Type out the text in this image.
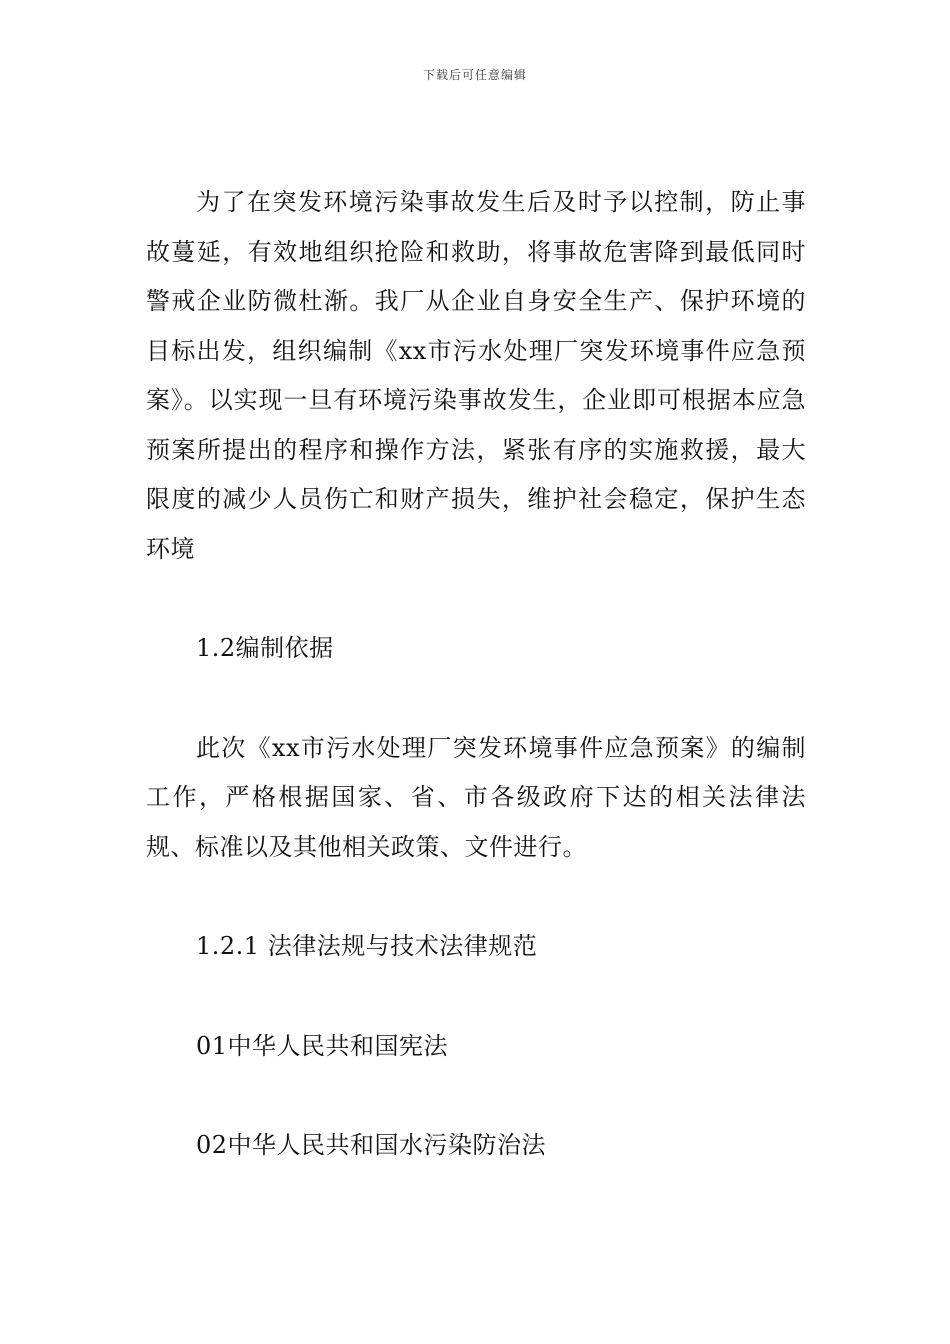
下载后可任意编辑

为了在突发环境污染事故发生后及时予以控制，防止事故蔓延，有效地组织抢险和救助，将事故危害降到最低同时警戒企业防微杜渐。我厂从企业自身安全生产、保护环境的目标出发，组织编制《xx市污水处理厂突发环境事件应急预案》。以实现一旦有环境污染事故发生，企业即可根据本应急预案所提出的程序和操作方法，紧张有序的实施救援，最大限度的减少人员伤亡和财产损失，维护社会稳定，保护生态环境

1.2编制依据

此次《xx市污水处理厂突发环境事件应急预案》的编制工作，严格根据国家、省、市各级政府下达的相关法律法规、标准以及其他相关政策、文件进行。

1.2.1 法律法规与技术法律规范

01中华人民共和国宪法

02中华人民共和国水污染防治法
